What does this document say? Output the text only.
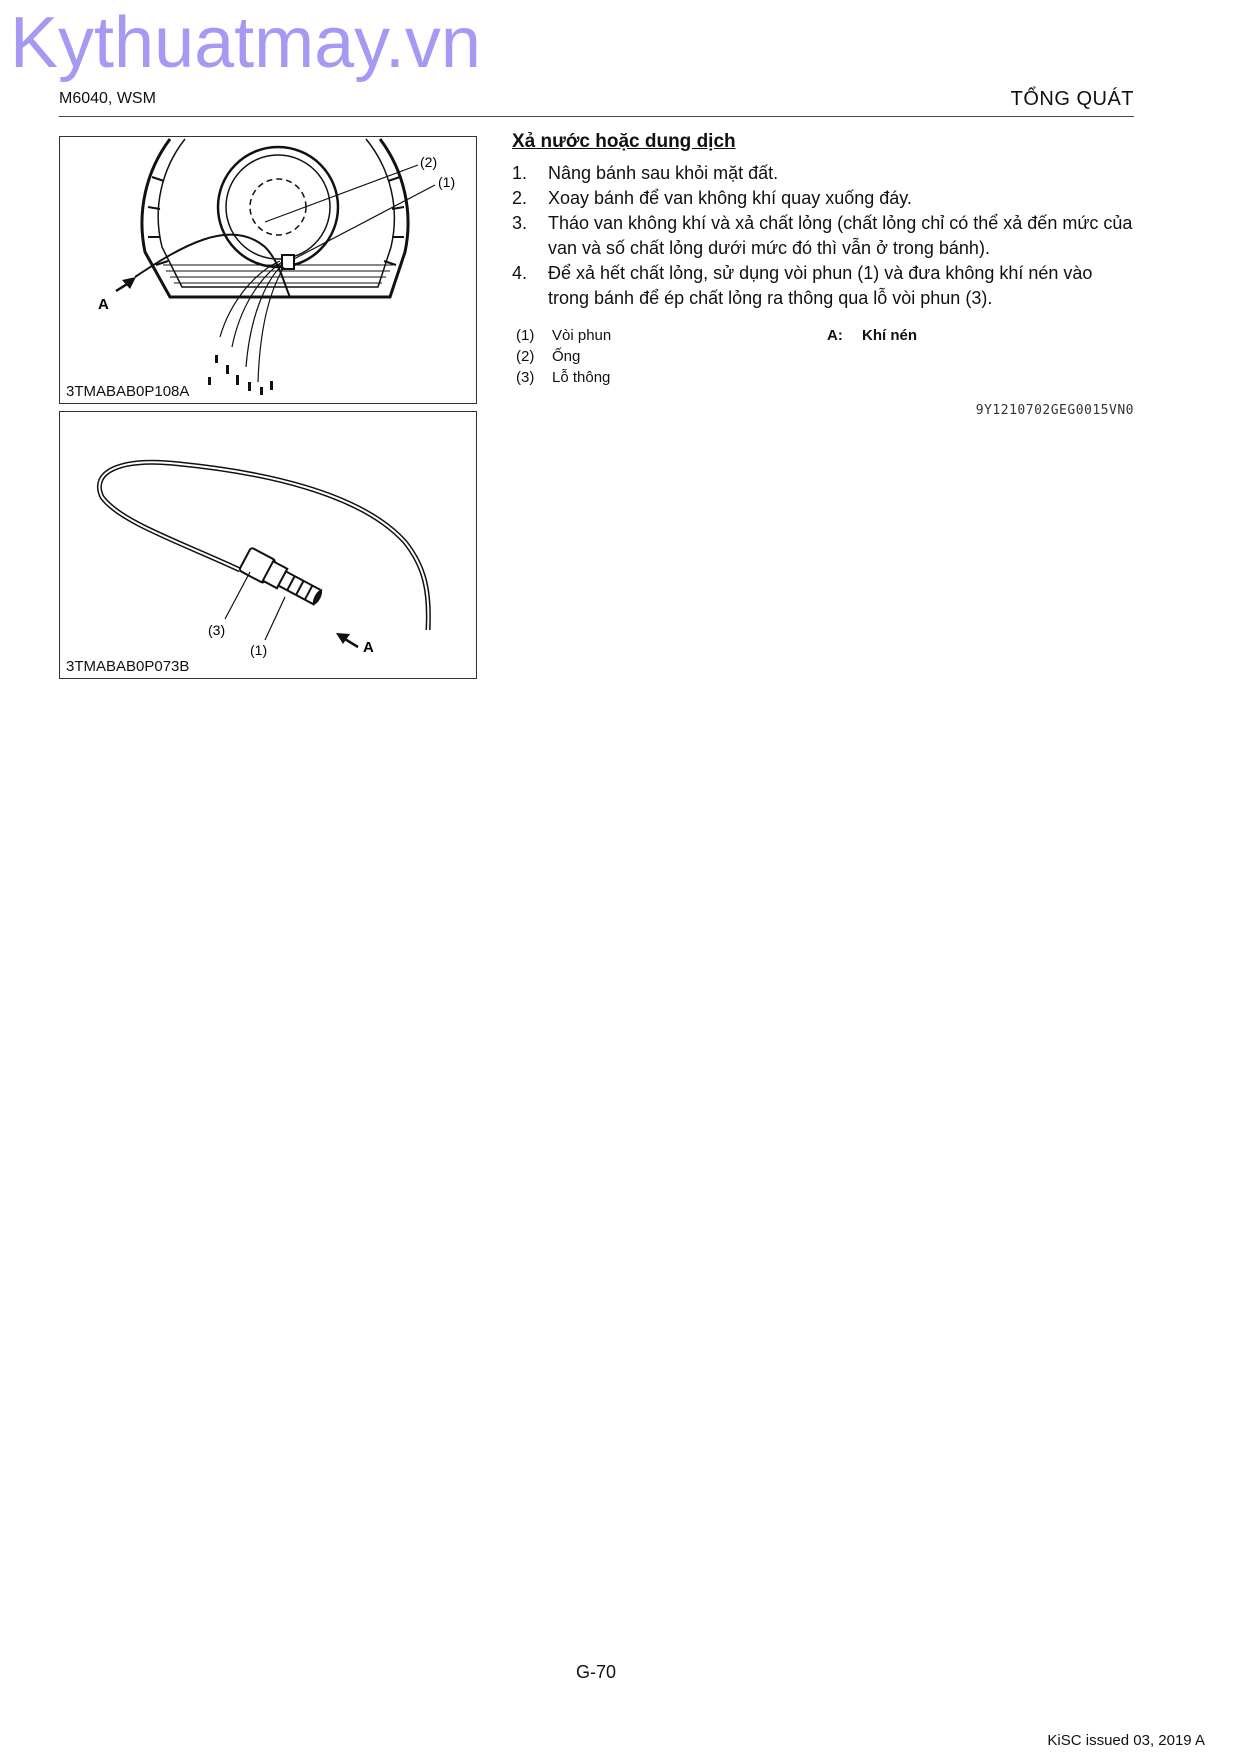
Kythuatmay.vn
M6040, WSM	TỔNG QUÁT
(2)
(1)
A
3TMABAB0P108A
(3)
(1)	A
3TMABAB0P073B
Xả nước hoặc dung dịch
1. Nâng bánh sau khỏi mặt đất.
2. Xoay bánh để van không khí quay xuống đáy.
3. Tháo van không khí và xả chất lỏng (chất lỏng chỉ có thể xả đến mức của van và số chất lỏng dưới mức đó thì vẫn ở trong bánh).
4. Để xả hết chất lỏng, sử dụng vòi phun (1) và đưa không khí nén vào trong bánh để ép chất lỏng ra thông qua lỗ vòi phun (3).
(1) Vòi phun
(2) Ống
(3) Lỗ thông
A: Khí nén
9Y1210702GEG0015VN0
G-70
KiSC issued 03, 2019 A
